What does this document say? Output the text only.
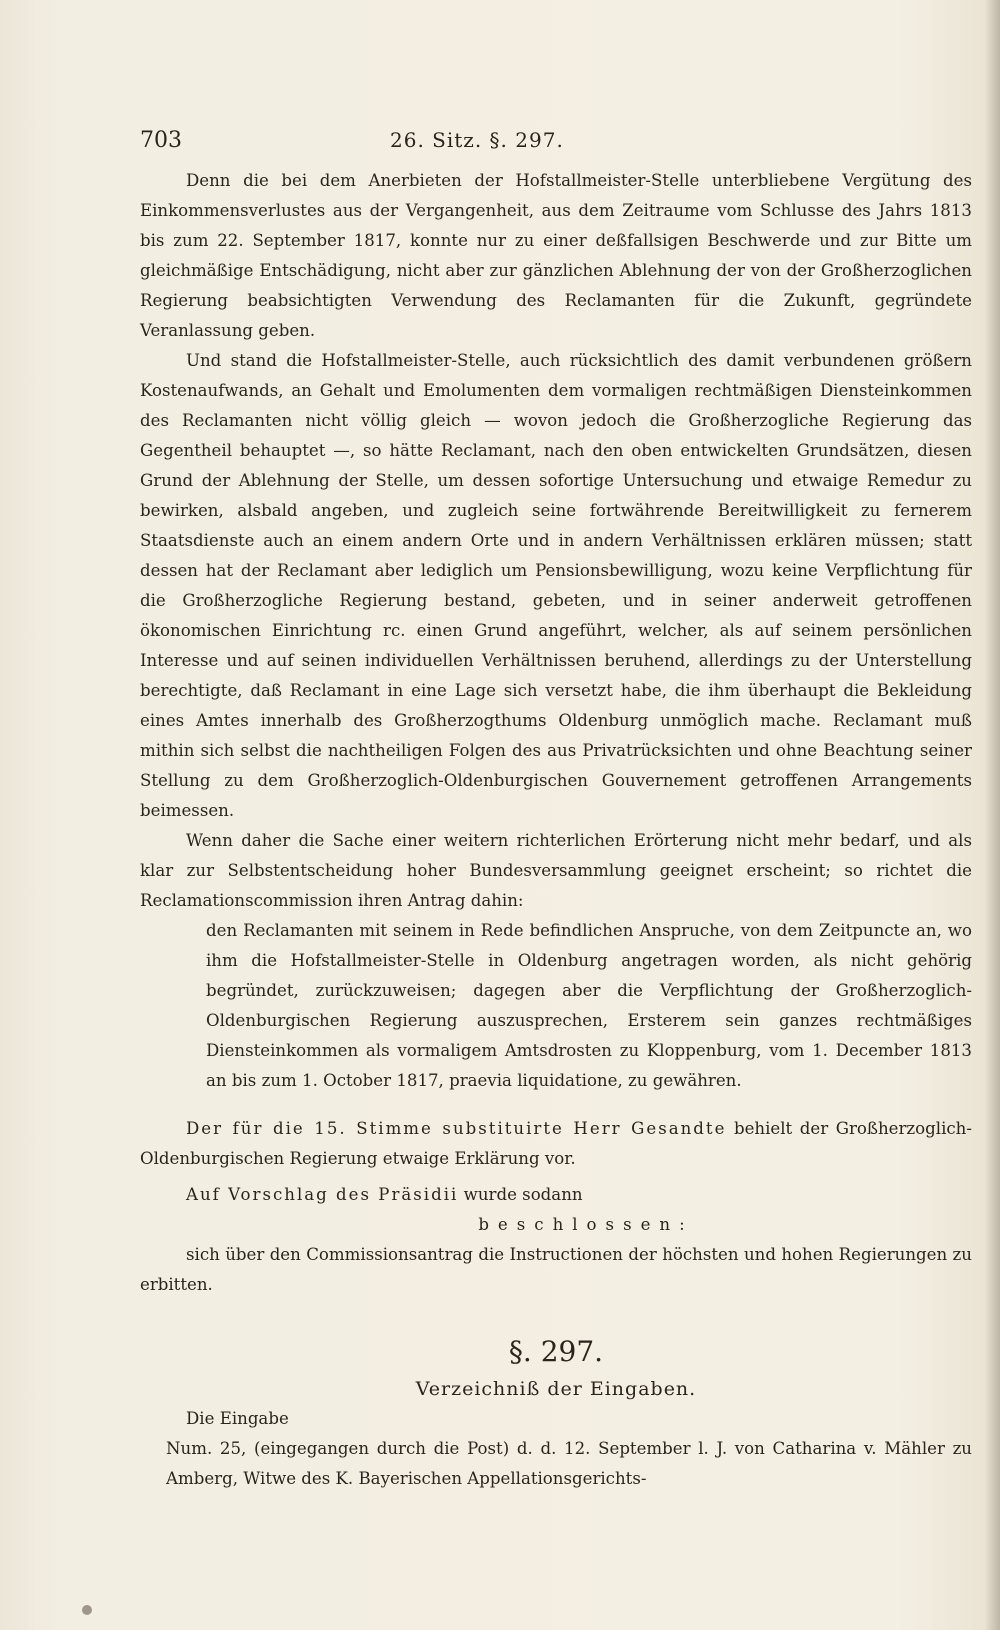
703	26. Sitz. §. 297.

Denn die bei dem Anerbieten der Hofstallmeister-Stelle unterbliebene Vergütung des Einkommensverlustes aus der Vergangenheit, aus dem Zeitraume vom Schlusse des Jahrs 1813 bis zum 22. September 1817, konnte nur zu einer deßfallsigen Beschwerde und zur Bitte um gleichmäßige Entschädigung, nicht aber zur gänzlichen Ablehnung der von der Großherzoglichen Regierung beabsichtigten Verwendung des Reclamanten für die Zukunft, gegründete Veranlassung geben.

Und stand die Hofstallmeister-Stelle, auch rücksichtlich des damit verbundenen größern Kostenaufwands, an Gehalt und Emolumenten dem vormaligen rechtmäßigen Diensteinkommen des Reclamanten nicht völlig gleich — wovon jedoch die Großherzogliche Regierung das Gegentheil behauptet —, so hätte Reclamant, nach den oben entwickelten Grundsätzen, diesen Grund der Ablehnung der Stelle, um dessen sofortige Untersuchung und etwaige Remedur zu bewirken, alsbald angeben, und zugleich seine fortwährende Bereitwilligkeit zu fernerem Staatsdienste auch an einem andern Orte und in andern Verhältnissen erklären müssen; statt dessen hat der Reclamant aber lediglich um Pensionsbewilligung, wozu keine Verpflichtung für die Großherzogliche Regierung bestand, gebeten, und in seiner anderweit getroffenen ökonomischen Einrichtung rc. einen Grund angeführt, welcher, als auf seinem persönlichen Interesse und auf seinen individuellen Verhältnissen beruhend, allerdings zu der Unterstellung berechtigte, daß Reclamant in eine Lage sich versetzt habe, die ihm überhaupt die Bekleidung eines Amtes innerhalb des Großherzogthums Oldenburg unmöglich mache. Reclamant muß mithin sich selbst die nachtheiligen Folgen des aus Privatrücksichten und ohne Beachtung seiner Stellung zu dem Großherzoglich-Oldenburgischen Gouvernement getroffenen Arrangements beimessen.

Wenn daher die Sache einer weitern richterlichen Erörterung nicht mehr bedarf, und als klar zur Selbstentscheidung hoher Bundesversammlung geeignet erscheint; so richtet die Reclamationscommission ihren Antrag dahin:

den Reclamanten mit seinem in Rede befindlichen Anspruche, von dem Zeitpuncte an, wo ihm die Hofstallmeister-Stelle in Oldenburg angetragen worden, als nicht gehörig begründet, zurückzuweisen; dagegen aber die Verpflichtung der Großherzoglich-Oldenburgischen Regierung auszusprechen, Ersterem sein ganzes rechtmäßiges Diensteinkommen als vormaligem Amtsdrosten zu Kloppenburg, vom 1. December 1813 an bis zum 1. October 1817, praevia liquidatione, zu gewähren.

Der für die 15. Stimme substituirte Herr Gesandte behielt der Großherzoglich-Oldenburgischen Regierung etwaige Erklärung vor.

Auf Vorschlag des Präsidii wurde sodann

beschlossen:

sich über den Commissionsantrag die Instructionen der höchsten und hohen Regierungen zu erbitten.

§. 297.

Verzeichniß der Eingaben.

Die Eingabe

Num. 25, (eingegangen durch die Post) d. d. 12. September l. J. von Catharina v. Mähler zu Amberg, Witwe des K. Bayerischen Appellationsgerichts-
